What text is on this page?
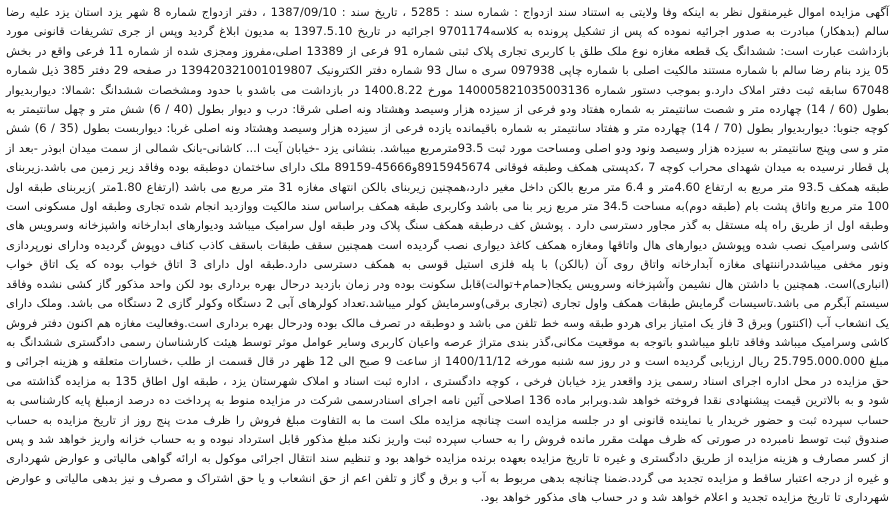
آگهی مزایده اموال غیرمنقول نظر به اینکه وفا ولایتی به استناد سند ازدواج : شماره سند : 5285 ، تاریخ سند : 1387/09/10 ، دفتر ازدواج شماره 8 شهر یزد استان یزد علیه رضا سالم (بدهکار) مبادرت به صدور اجرائیه نموده که پس از تشکیل پرونده به کلاسه9701174 اجرائیه در تاریخ 1397.5.10 به مدیون ابلاغ گردید وپس از جری تشریفات قانونی مورد بازداشت عبارت است: ششدانگ یک قطعه مغازه نوع ملک طلق با کاربری تجاری پلاک ثبتی شماره 91 فرعی از 13389 اصلی،مفروز ومجزی شده از شماره 11 فرعی واقع در بخش 05 یزد بنام رضا سالم با شماره مستند مالکیت اصلی با شماره چاپی 097938 سری ه سال 93 شماره دفتر الکترونیک 139420321001019807 در صفحه 29 دفتر 385 ذیل شماره 67048 سابقه ثبت دفتر املاک دارد.و بموجب دستور شماره 140005821035003136 مورخ 1400.8.22 در بازداشت می باشدو با حدود ومشخصات ششدانگ :شمالا: دیواربدیوار بطول (60 / 14) چهارده متر و شصت سانتیمتر به شماره هفتاد ودو فرعی از سیزده هزار وسیصد وهشتاد ونه اصلی شرقا: درب و دیوار بطول (40 / 6) شش متر و چهل سانتیمتر به کوچه جنوبا: دیواربدیوار بطول (70 / 14) چهارده متر و هفتاد سانتیمتر به شماره باقیمانده یازده فرعی از سیزده هزار وسیصد وهشتاد ونه اصلی غربا: دیواربست بطول (35 / 6) شش متر و سی وپنج سانتیمتر به سیزده هزار وسیصد ونود ودو اصلی ومساحت مورد ثبت 93.5مترمربع میباشد. بنشانی یزد -خیابان آیت ا... کاشانی-بانک شمالی از سمت میدان ابوذر -بعد از پل قطار نرسیده به میدان شهدای محراب کوچه 7 ،کدپستی همکف وطبقه فوقانی 8915945674و45666-89159 ملک دارای ساختمان دوطبقه بوده وفاقد زیر زمین می باشد.زیربنای طبقه همکف 93.5 متر مربع به ارتفاع 4.60متر و 6.4 متر مربع بالکن داخل مغیر دارد،همچنین زیربنای بالکن انتهای مغازه 31 متر مربع می باشد (ارتفاع 1.80متر )زیربنای طبقه اول 100 متر مربع واتاق پشت بام (طبقه دوم)به مساحت 34.5 متر مربع زیر بنا می باشد وکاربری طبقه همکف براساس سند مالکیت ووازدید انجام شده تجاری وطبقه اول مسکونی است وطبقه اول از طریق راه پله مستقل به گذر مجاور دسترسی دارد . پوشش کف درطبقه همکف سنگ پلاک ودر طبقه اول سرامیک میباشد ودیوارهای ابدارخانه واشپزخانه وسرویس های کاشی وسرامیک نصب شده وپوشش دیوارهای هال واتاقها ومغازه همکف کاغذ دیواری نصب گردیده است همچنین سقف طبقات باسقف کاذب کناف دوپوش گردیده ودارای نورپردازی ونور مخفی میباشددراننتهای مغازه آبدارخانه واتاق روی آن (بالکن) با پله فلزی استیل قوسی به همکف دسترسی دارد.طبقه اول دارای 3 اتاق خواب بوده که یک اتاق خواب (انباری)است. همچنین با داشتن هال نشیمن وآشپزخانه وسرویس یکجا(حمام+توالت)قابل سکونت بوده ودر زمان بازدید درحال بهره برداری بود لکن واحد مذکور گاز کشی نشده وفاقد سیستم آبگرم می باشد.تاسیسات گرمایش طبقات همکف واول تجاری (تجاری برقی)وسرمایش کولر میباشد.تعداد کولرهای آبی 2 دستگاه وکولر گازی 2 دستگاه می باشد. وملک دارای یک انشعاب آب (اکنتور) وبرق 3 فاز یک امتیاز برای هردو طبقه وسه خط تلفن می باشد و دوطبقه در تصرف مالک بوده ودرحال بهره برداری است.وفعالیت مغازه هم اکنون دفتر فروش کاشی وسرامیک میباشد وفاقد تابلو میباشدو باتوجه به موقعیت مکانی،گذر بندی متراژ عرصه واعیان کاربری وسایر عوامل موثر توسط هیئت کارشناسان رسمی دادگستری ششدانگ به مبلغ 25.795.000.000 ریال ارزیابی گردیده است و در روز سه شنبه مورخه 1400/11/12 از ساعت 9 صبح الی 12 ظهر در قال قسمت از طلب ،خسارات متعلقه و هزینه اجرائی و حق مزایده در محل اداره اجرای اسناد رسمی یزد واقعدر یزد خیابان فرخی ، کوچه دادگستری ، اداره ثبت اسناد و املاک شهرستان یزد ، طبقه اول اطاق 135 به مزایده گذاشته می شود و به بالاترین قیمت پیشنهادی نقدا فروخته خواهد شد.وبرابر ماده 136 اصلاحی آئین نامه اجرای اسنادرسمی شرکت در مزایده منوط به پرداخت ده درصد ازمبلغ پایه کارشناسی به حساب سپرده ثبت و حضور خریدار یا نماینده قانونی او در جلسه مزایده است چنانچه مزایده ملک است ما به التفاوت مبلغ فروش را ظرف مدت پنج روز از تاریخ مزایده به حساب صندوق ثبت توسط نامبرده در صورتی که ظرف مهلت مقرر مانده فروش را به حساب سپرده ثبت واریز نکند مبلغ مذکور قابل استرداد نبوده و به حساب خزانه واریز خواهد شد و پس از کسر مصارف و هزینه مزایده از طریق دادگستری و غیره تا تاریخ مزایده بعهده برنده مزایده خواهد بود و تنظیم سند انتقال اجرائی موکول به ارائه گواهی مالیاتی و عوارض شهرداری و غیره از درجه اعتبار ساقط و مزایده تجدید می گردد.ضمنا چنانچه بدهی مربوط به آب و برق و گاز و تلفن اعم از حق انشعاب و یا حق اشتراک و مصرف و نیز بدهی مالیاتی و عوارض شهرداری تا تاریخ مزایده تجدید و اعلام خواهد شد و در حساب های مذکور خواهد بود.
